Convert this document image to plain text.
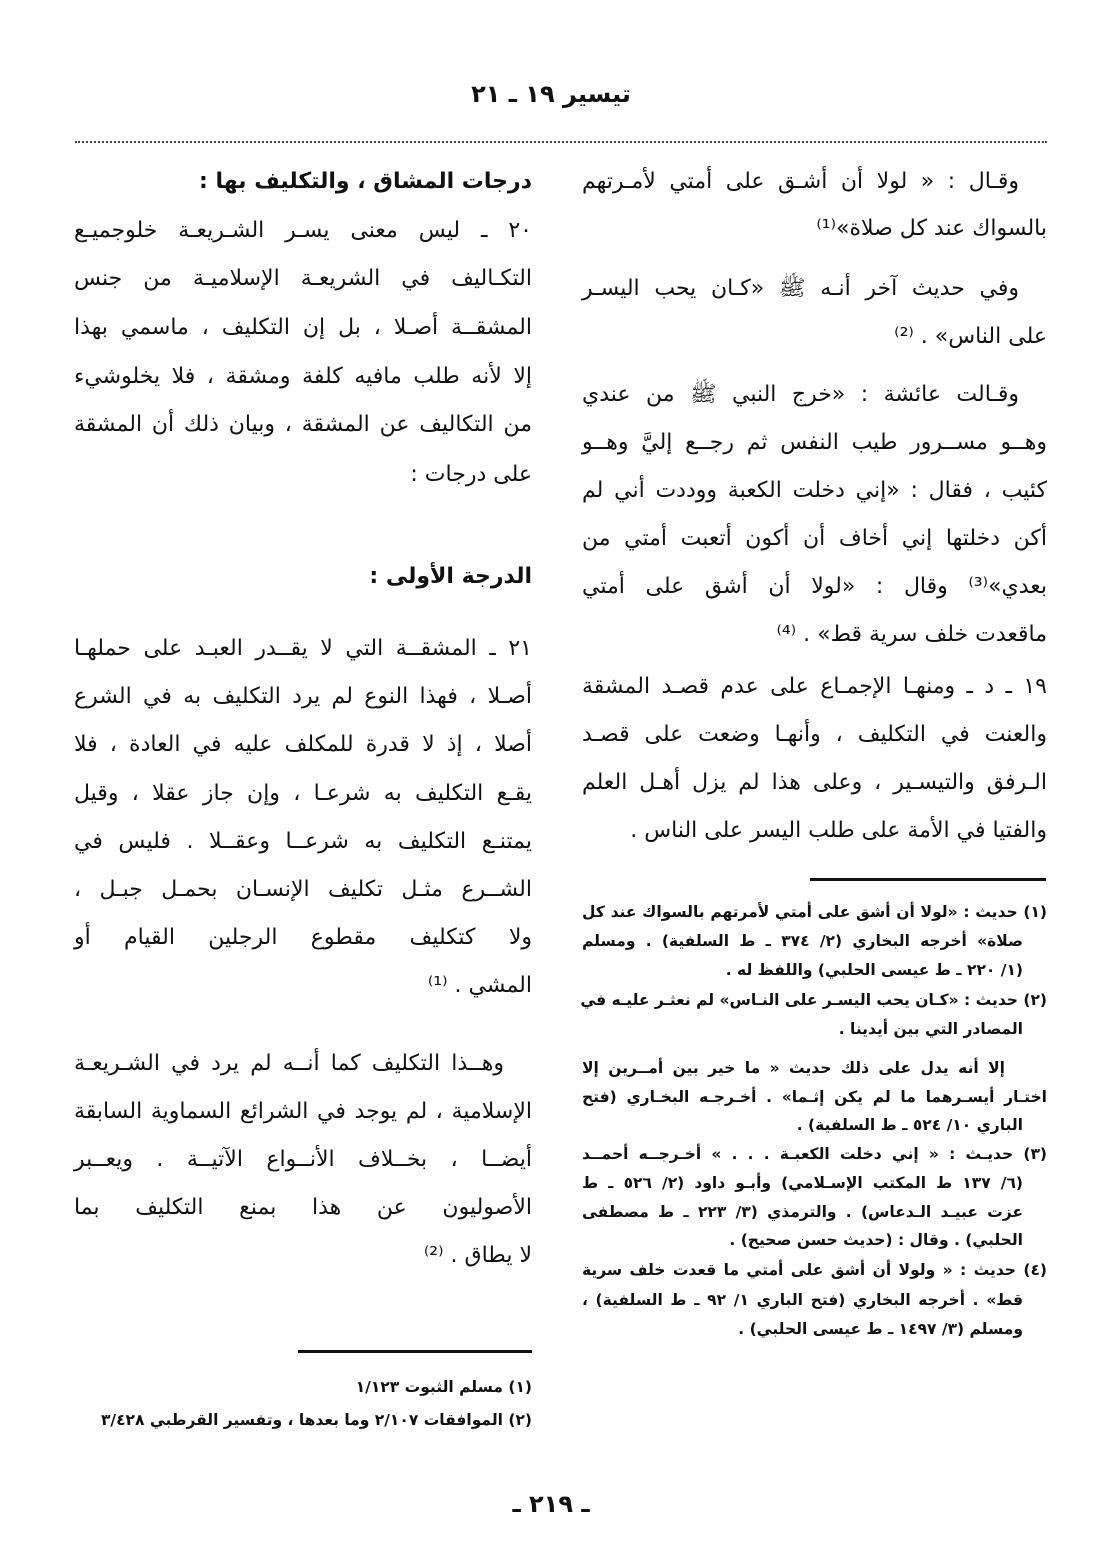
تيسير ١٩ ـ ٢١
وقـال : « لولا أن أشـق على أمتي لأمـرتهم
بالسواك عند كل صلاة»⁽¹⁾
وفي حديث آخر أنـه ﷺ «كـان يحب اليسـر
على الناس» . ⁽²⁾
وقـالت عائشة : «خرج النبي ﷺ من عندي
وهــو مســرور طيب النفس ثم رجــع إليَّ وهــو
كئيب ، فقال : «إني دخلت الكعبة ووددت أني لم
أكن دخلتها إني أخاف أن أكون أتعبت أمتي من
بعدي»⁽³⁾ وقال : «لولا أن أشق على أمتي
ماقعدت خلف سرية قط» . ⁽⁴⁾
١٩ ـ د ـ ومنهـا الإجمـاع على عدم قصـد المشقة
والعنت في التكليف ، وأنهـا وضعت على قصـد
الـرفق والتيسـير ، وعلى هذا لم يزل أهـل العلم
والفتيا في الأمة على طلب اليسر على الناس .
(١) حديث : «لولا أن أشق على أمتي لأمرتهم بالسواك عند كل
صلاة» أخرجه البخاري (٢/ ٣٧٤ ـ ط السلفية) . ومسلم
(١/ ٢٢٠ ـ ط عيسى الحلبي) واللفظ له .
(٢) حديث : «كـان يحب اليسـر على النـاس» لم نعثـر عليـه في
المصادر التي بين أيدينا .
إلا أنه يدل على ذلك حديث « ما خير بين أمــرين إلا
اختـار أيسـرهما ما لم يكن إثـما» . أخـرجـه البخـاري (فتح
الباري ١٠/ ٥٢٤ ـ ط السلفية) .
(٣) حديـث : « إني دخلت الكعبـة . . . » أخـرجــه أحمــد
(٦/ ١٣٧ ط المكتب الإسـلامي) وأبـو داود (٢/ ٥٢٦ ـ ط
عزت عبيـد الـدعاس) . والترمذي (٣/ ٢٢٣ ـ ط مصطفى
الحلبي) . وقال : (حديث حسن صحيح) .
(٤) حديث : « ولولا أن أشق على أمتي ما قعدت خلف سرية
قط» . أخرجه البخاري (فتح الباري ١/ ٩٢ ـ ط السلفية) ،
ومسلم (٣/ ١٤٩٧ ـ ط عيسى الحلبي) .
درجات المشاق ، والتكليف بها :
٢٠ ـ ليس معنى يسـر الشـريعـة خلوجميـع
التكـاليف في الشريعـة الإسلاميـة من جنس
المشقــة أصـلا ، بل إن التكليف ، ماسمي بهذا
إلا لأنه طلب مافيه كلفة ومشقة ، فلا يخلوشيء
من التكاليف عن المشقة ، وبيان ذلك أن المشقة
على درجات :
الدرجة الأولى :
٢١ ـ المشقــة التي لا يقــدر العبـد على حملهـا
أصـلا ، فهذا النوع لم يرد التكليف به في الشرع
أصلا ، إذ لا قدرة للمكلف عليه في العادة ، فلا
يقـع التكليف به شرعـا ، وإن جاز عقلا ، وقيل
يمتنـع التكليف به شرعــا وعقــلا . فليس في
الشــرع مثـل تكليف الإنسـان بحمـل جبـل ،
ولا كتكليف مقطوع الرجلين القيام أو
المشي . ⁽¹⁾
وهــذا التكليف كما أنــه لم يرد في الشـريعـة
الإسلامية ، لم يوجد في الشرائع السماوية السابقة
أيضــا ، بخــلاف الأنــواع الآتيــة . ويعــبر
الأصوليون عن هذا بمنع التكليف بما
لا يطاق . ⁽²⁾
(١) مسلم الثبوت ١/١٢٣
(٢) الموافقات ٢/١٠٧ وما بعدها ، وتفسير القرطبي ٣/٤٢٨
ـ ٢١٩ ـ
